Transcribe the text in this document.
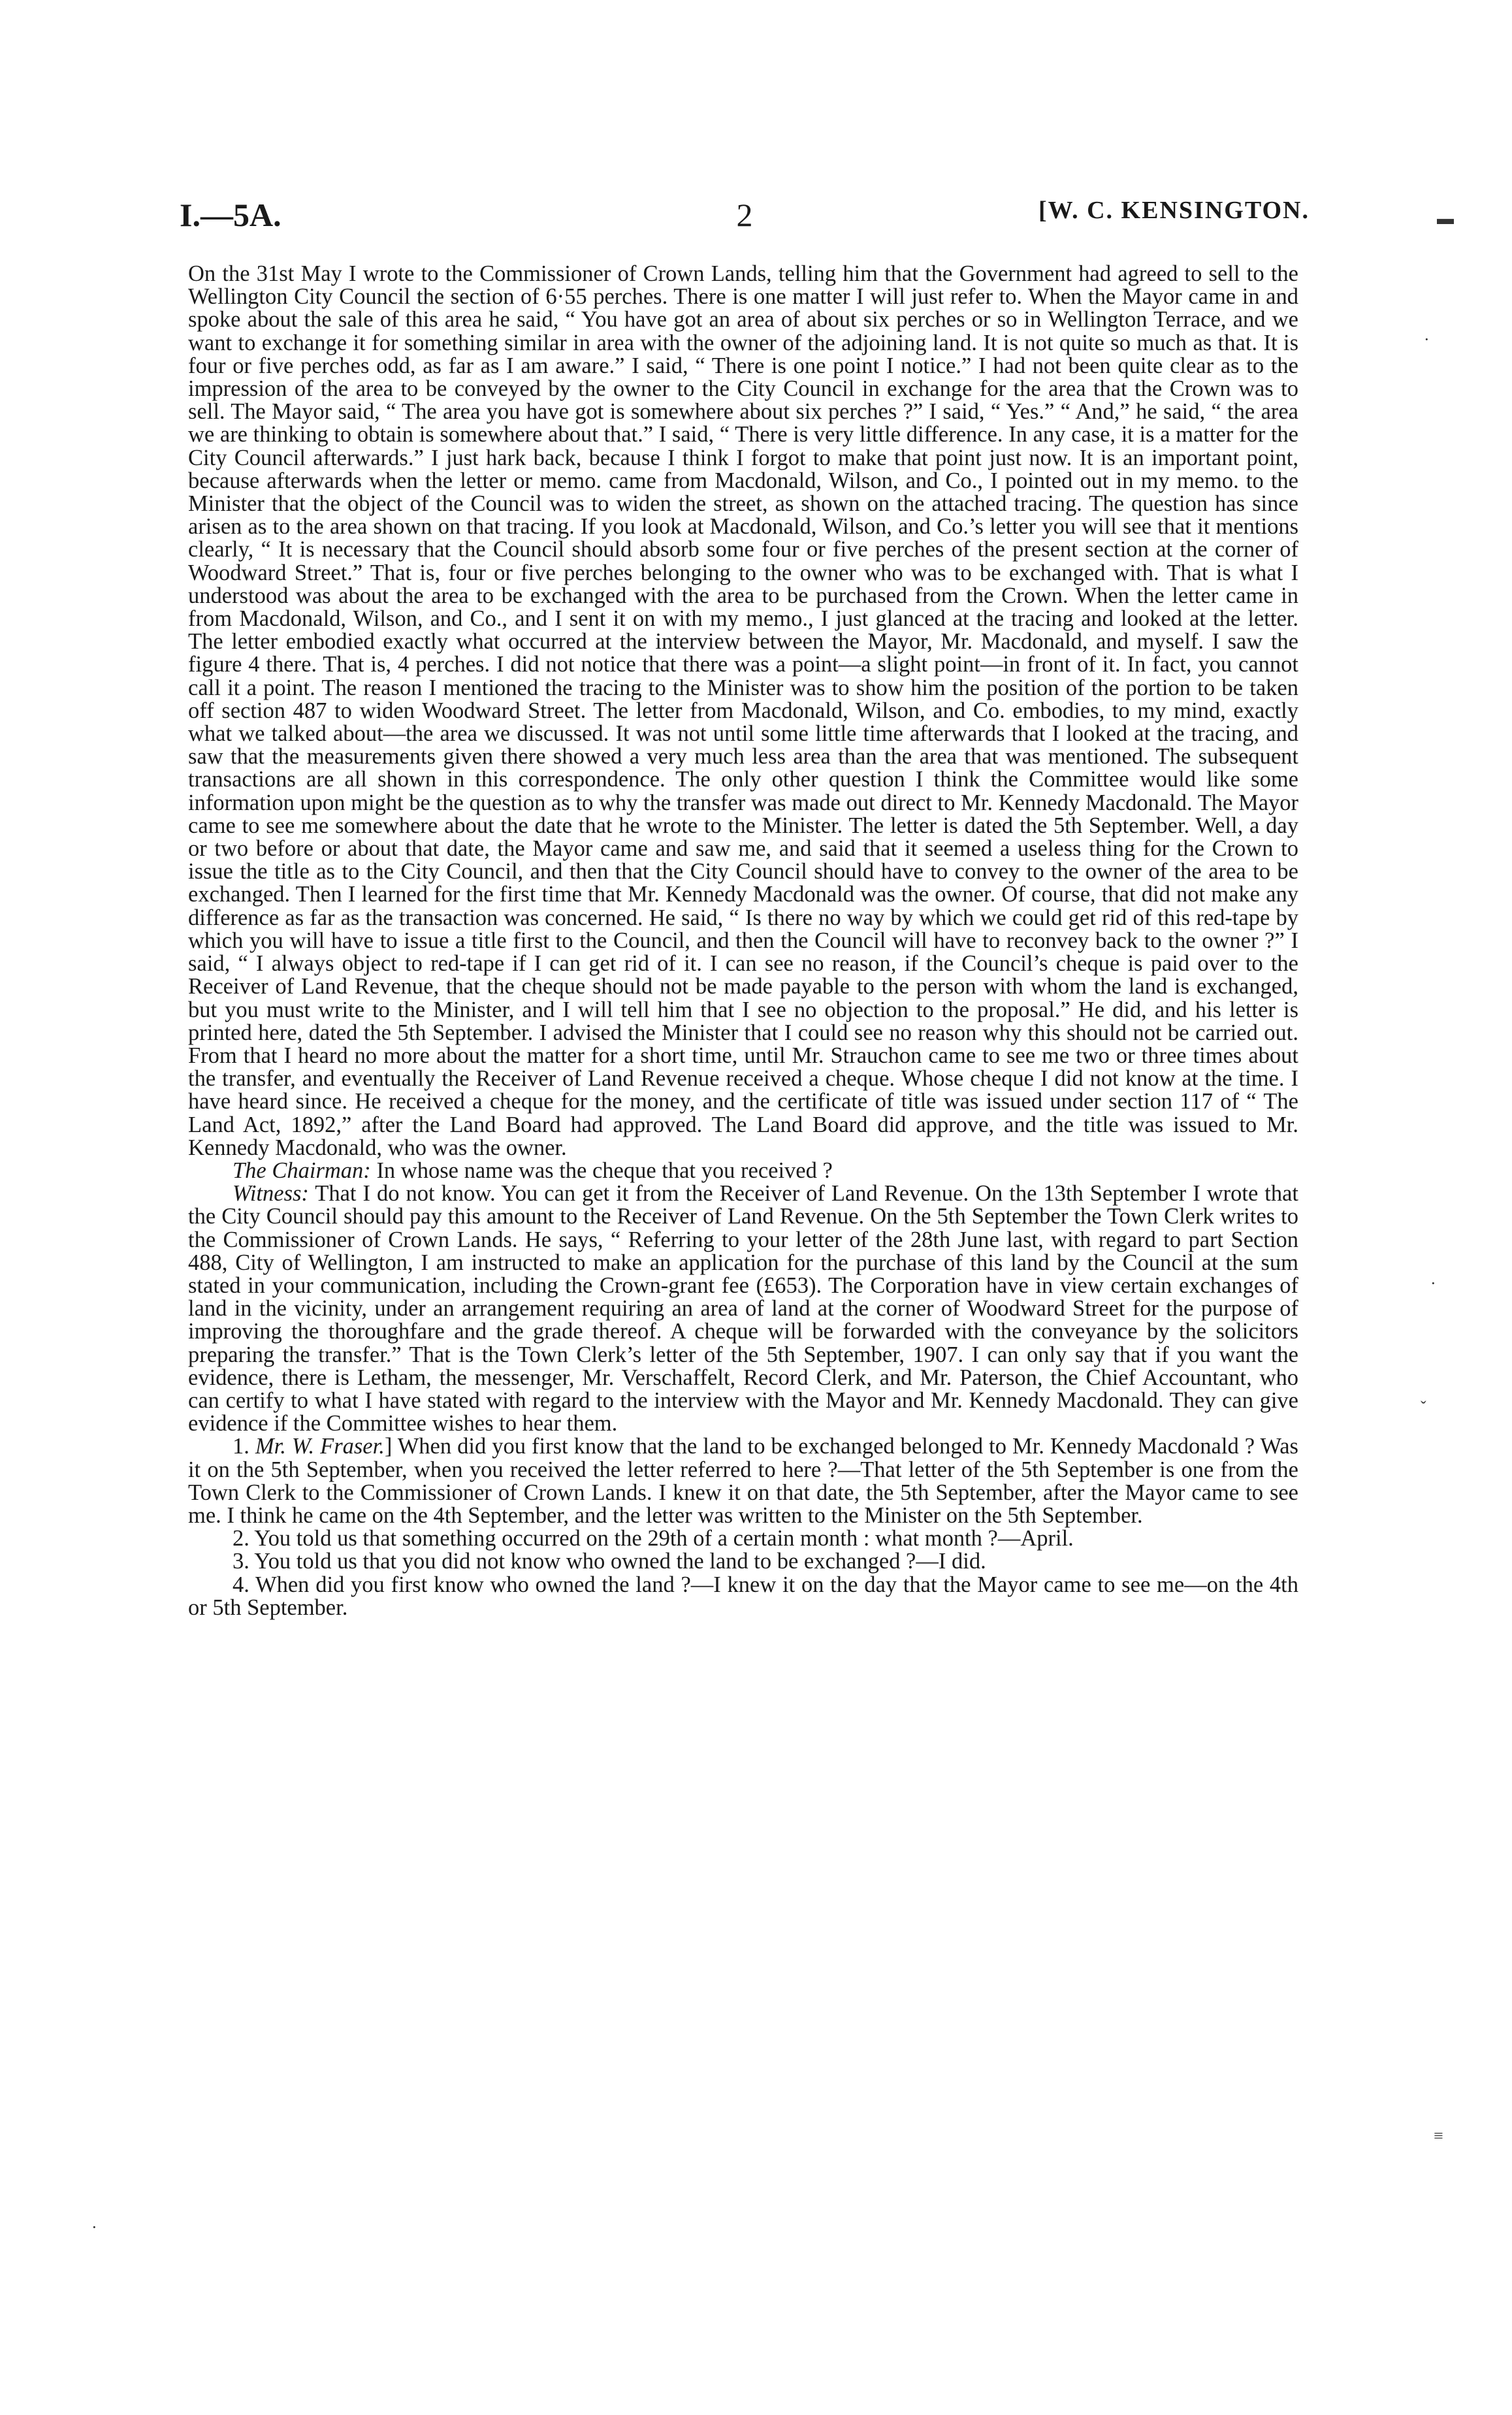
I.—5A.	2	[W. C. KENSINGTON.

On the 31st May I wrote to the Commissioner of Crown Lands, telling him that the Government had agreed to sell to the Wellington City Council the section of 6·55 perches. There is one matter I will just refer to. When the Mayor came in and spoke about the sale of this area he said, “ You have got an area of about six perches or so in Wellington Terrace, and we want to exchange it for something similar in area with the owner of the adjoining land. It is not quite so much as that. It is four or five perches odd, as far as I am aware.” I said, “ There is one point I notice.” I had not been quite clear as to the impression of the area to be conveyed by the owner to the City Council in exchange for the area that the Crown was to sell. The Mayor said, “ The area you have got is somewhere about six perches ?” I said, “ Yes.” “ And,” he said, “ the area we are thinking to obtain is somewhere about that.” I said, “ There is very little difference. In any case, it is a matter for the City Council afterwards.” I just hark back, because I think I forgot to make that point just now. It is an important point, because afterwards when the letter or memo. came from Macdonald, Wilson, and Co., I pointed out in my memo. to the Minister that the object of the Council was to widen the street, as shown on the attached tracing. The question has since arisen as to the area shown on that tracing. If you look at Macdonald, Wilson, and Co.’s letter you will see that it mentions clearly, “ It is necessary that the Council should absorb some four or five perches of the present section at the corner of Woodward Street.” That is, four or five perches belonging to the owner who was to be exchanged with. That is what I understood was about the area to be exchanged with the area to be purchased from the Crown. When the letter came in from Macdonald, Wilson, and Co., and I sent it on with my memo., I just glanced at the tracing and looked at the letter. The letter embodied exactly what occurred at the interview between the Mayor, Mr. Macdonald, and myself. I saw the figure 4 there. That is, 4 perches. I did not notice that there was a point—a slight point—in front of it. In fact, you cannot call it a point. The reason I mentioned the tracing to the Minister was to show him the position of the portion to be taken off section 487 to widen Woodward Street. The letter from Macdonald, Wilson, and Co. embodies, to my mind, exactly what we talked about—the area we discussed. It was not until some little time afterwards that I looked at the tracing, and saw that the measurements given there showed a very much less area than the area that was mentioned. The subsequent transactions are all shown in this correspondence. The only other question I think the Committee would like some information upon might be the question as to why the transfer was made out direct to Mr. Kennedy Macdonald. The Mayor came to see me somewhere about the date that he wrote to the Minister. The letter is dated the 5th September. Well, a day or two before or about that date, the Mayor came and saw me, and said that it seemed a useless thing for the Crown to issue the title as to the City Council, and then that the City Council should have to convey to the owner of the area to be exchanged. Then I learned for the first time that Mr. Kennedy Macdonald was the owner. Of course, that did not make any difference as far as the transaction was concerned. He said, “ Is there no way by which we could get rid of this red-tape by which you will have to issue a title first to the Council, and then the Council will have to reconvey back to the owner ?” I said, “ I always object to red-tape if I can get rid of it. I can see no reason, if the Council’s cheque is paid over to the Receiver of Land Revenue, that the cheque should not be made payable to the person with whom the land is exchanged, but you must write to the Minister, and I will tell him that I see no objection to the proposal.” He did, and his letter is printed here, dated the 5th September. I advised the Minister that I could see no reason why this should not be carried out. From that I heard no more about the matter for a short time, until Mr. Strauchon came to see me two or three times about the transfer, and eventually the Receiver of Land Revenue received a cheque. Whose cheque I did not know at the time. I have heard since. He received a cheque for the money, and the certificate of title was issued under section 117 of “ The Land Act, 1892,” after the Land Board had approved. The Land Board did approve, and the title was issued to Mr. Kennedy Macdonald, who was the owner.

The Chairman: In whose name was the cheque that you received ?

Witness: That I do not know. You can get it from the Receiver of Land Revenue. On the 13th September I wrote that the City Council should pay this amount to the Receiver of Land Revenue. On the 5th September the Town Clerk writes to the Commissioner of Crown Lands. He says, “ Referring to your letter of the 28th June last, with regard to part Section 488, City of Wellington, I am instructed to make an application for the purchase of this land by the Council at the sum stated in your communication, including the Crown-grant fee (£653). The Corporation have in view certain exchanges of land in the vicinity, under an arrangement requiring an area of land at the corner of Woodward Street for the purpose of improving the thoroughfare and the grade thereof. A cheque will be forwarded with the conveyance by the solicitors preparing the transfer.” That is the Town Clerk’s letter of the 5th September, 1907. I can only say that if you want the evidence, there is Letham, the messenger, Mr. Verschaffelt, Record Clerk, and Mr. Paterson, the Chief Accountant, who can certify to what I have stated with regard to the interview with the Mayor and Mr. Kennedy Macdonald. They can give evidence if the Committee wishes to hear them.

1. Mr. W. Fraser.] When did you first know that the land to be exchanged belonged to Mr. Kennedy Macdonald ? Was it on the 5th September, when you received the letter referred to here ?—That letter of the 5th September is one from the Town Clerk to the Commissioner of Crown Lands. I knew it on that date, the 5th September, after the Mayor came to see me. I think he came on the 4th September, and the letter was written to the Minister on the 5th September.

2. You told us that something occurred on the 29th of a certain month : what month ?—April.

3. You told us that you did not know who owned the land to be exchanged ?—I did.

4. When did you first know who owned the land ?—I knew it on the day that the Mayor came to see me—on the 4th or 5th September.

▬
·
·
ˇ
≡
·
